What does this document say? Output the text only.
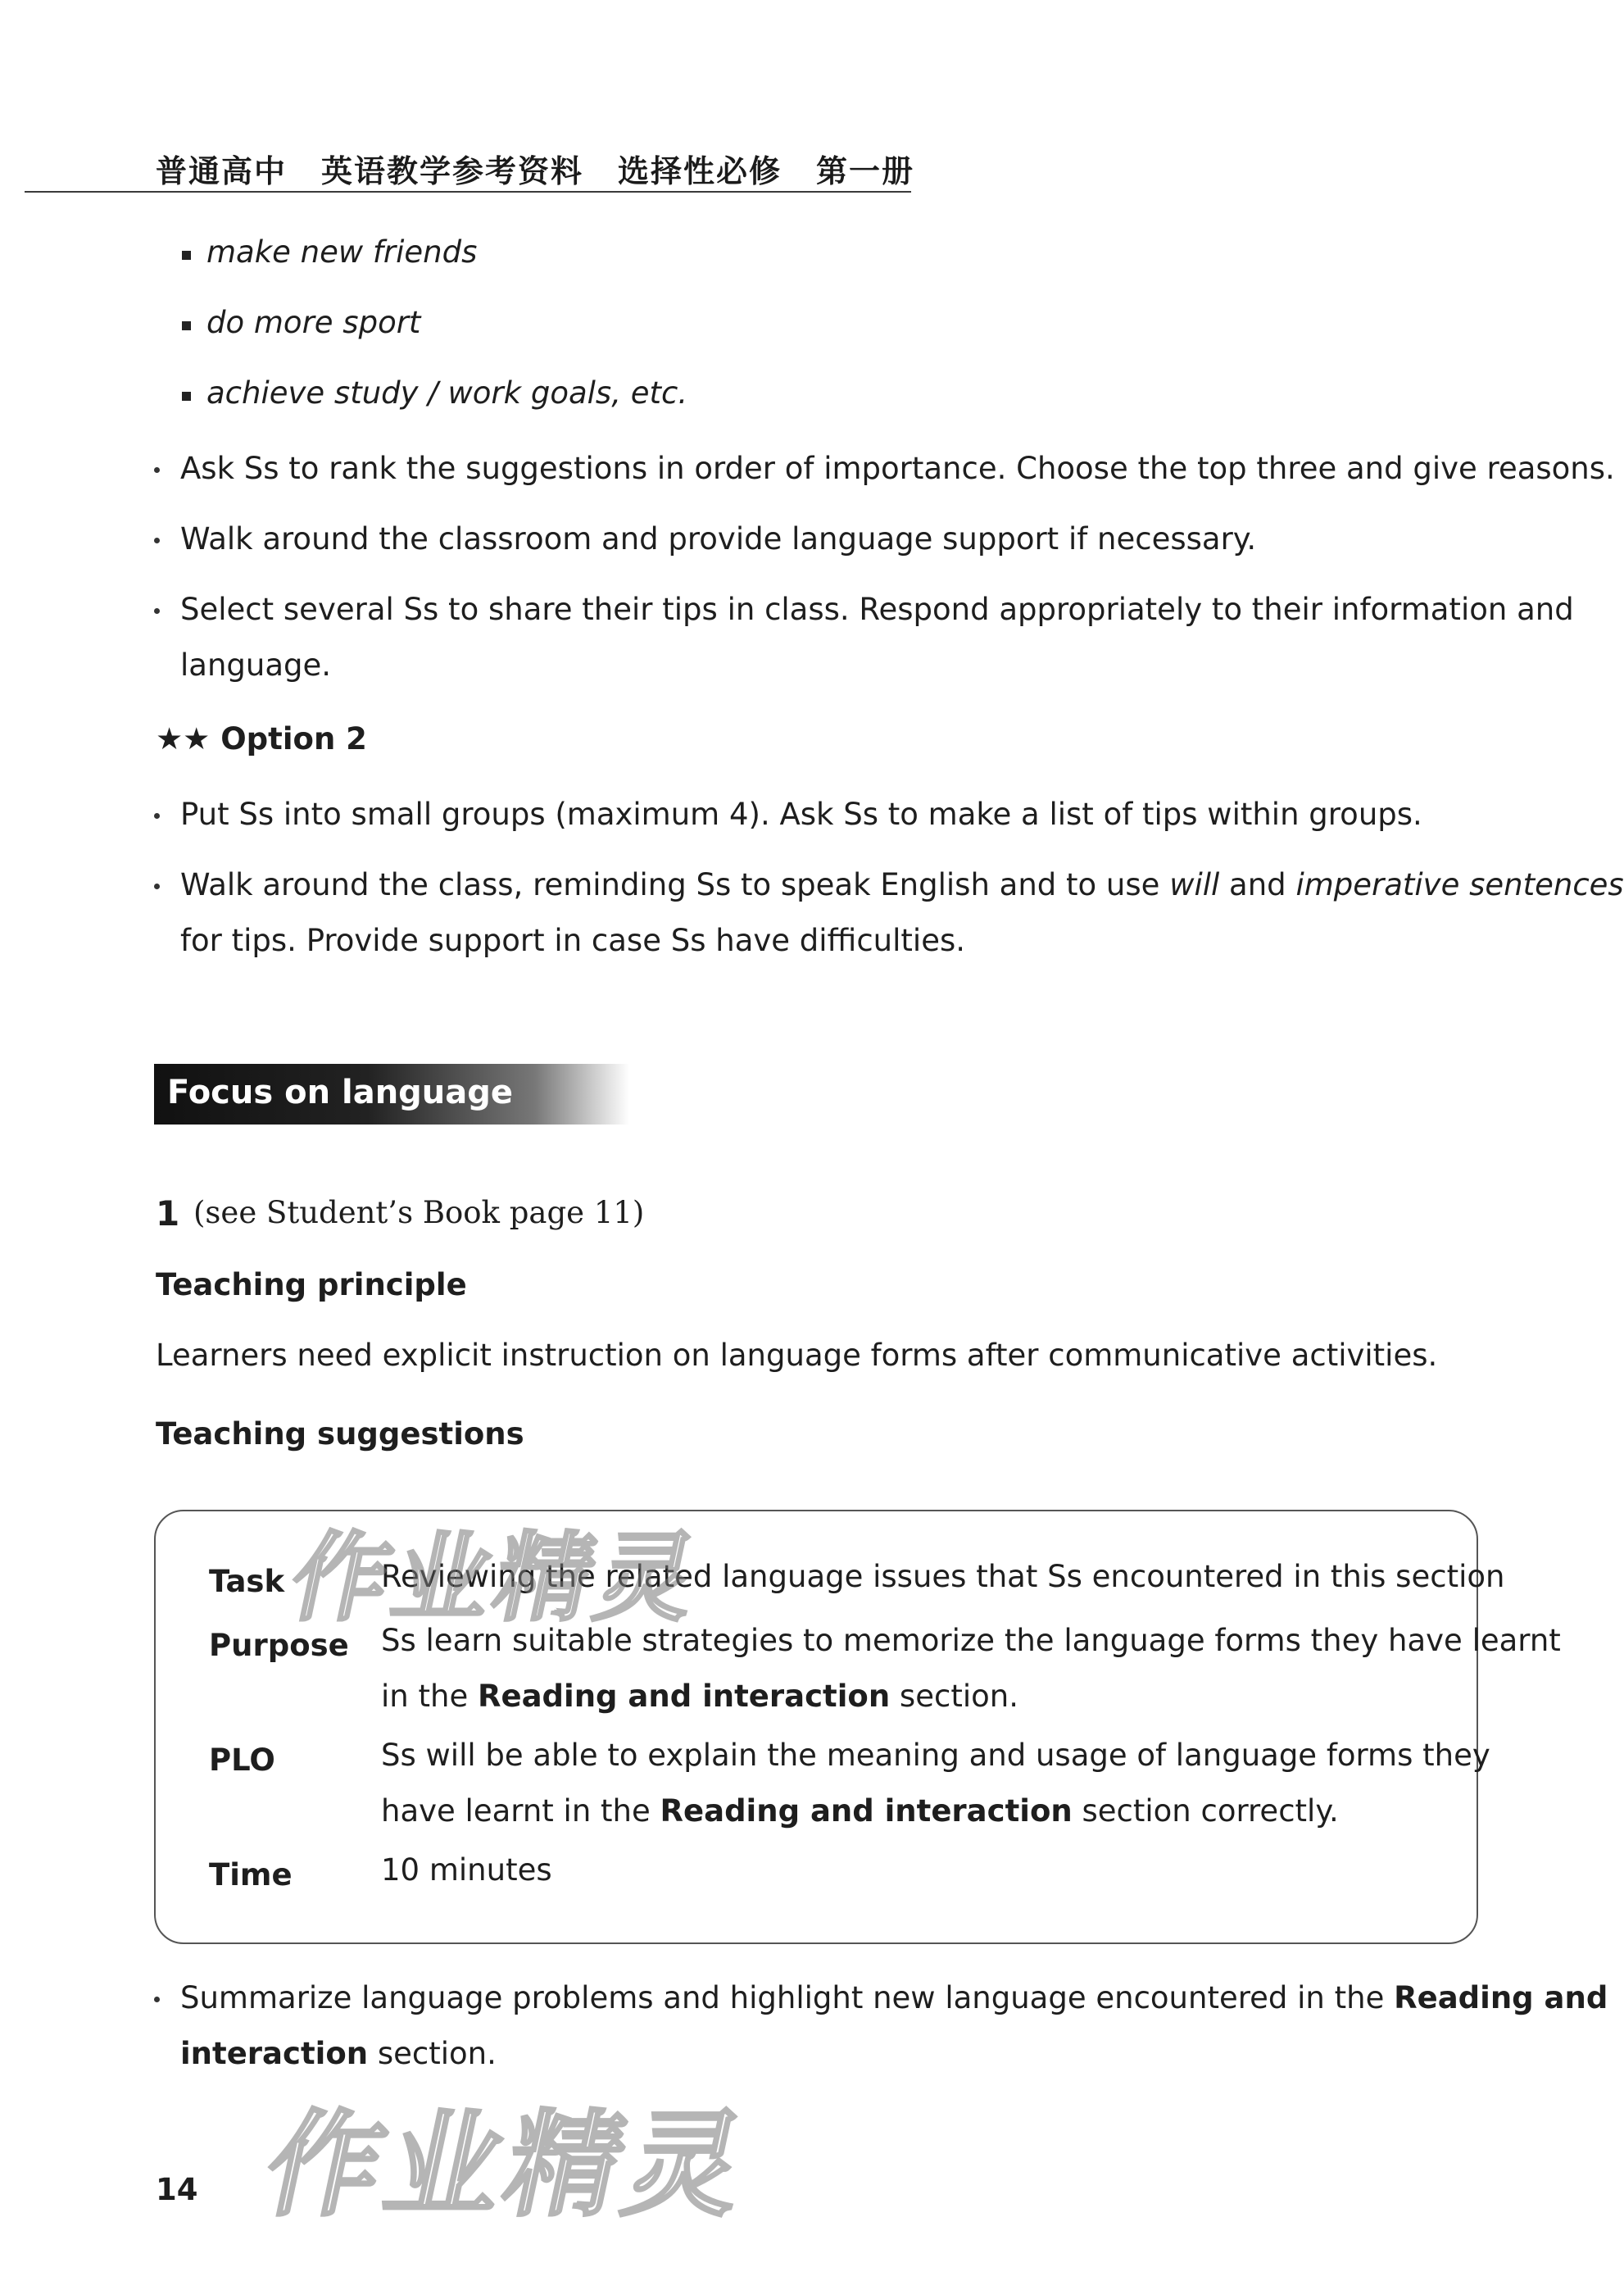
普通高中 英语教学参考资料 选择性必修 第一册
make new friends
do more sport
achieve study / work goals, etc.
Ask Ss to rank the suggestions in order of importance. Choose the top three and give reasons.
Walk around the classroom and provide language support if necessary.
Select several Ss to share their tips in class. Respond appropriately to their information and
language.
★★ Option 2
Put Ss into small groups (maximum 4). Ask Ss to make a list of tips within groups.
Walk around the class, reminding Ss to speak English and to use will and imperative sentences
for tips. Provide support in case Ss have difficulties.
Focus on language
1 (see Student’s Book page 11)
Teaching principle
Learners need explicit instruction on language forms after communicative activities.
Teaching suggestions
Task	Reviewing the related language issues that Ss encountered in this section
Purpose Ss learn suitable strategies to memorize the language forms they have learnt
in the Reading and interaction section.
PLO	Ss will be able to explain the meaning and usage of language forms they
have learnt in the Reading and interaction section correctly.
Time	10 minutes
Summarize language problems and highlight new language encountered in the Reading and
interaction section.
14
作业精灵
作业精灵
